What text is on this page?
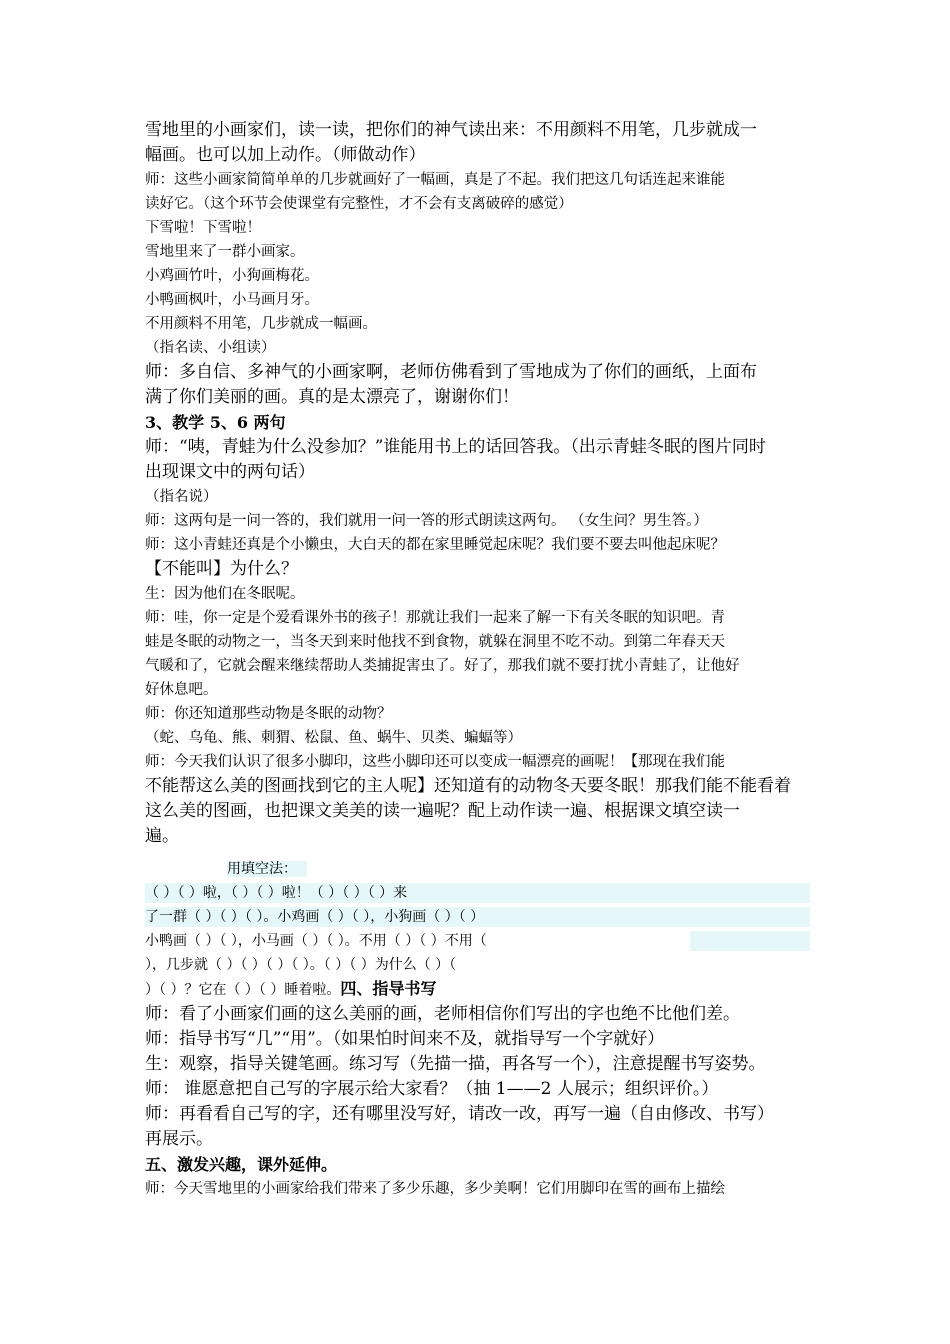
雪地里的小画家们，读一读，把你们的神气读出来：不用颜料不用笔，几步就成一
幅画。也可以加上动作。（师做动作）
师：这些小画家简简单单的几步就画好了一幅画，真是了不起。我们把这几句话连起来谁能
读好它。（这个环节会使课堂有完整性，才不会有支离破碎的感觉）
下雪啦！下雪啦！
雪地里来了一群小画家。
小鸡画竹叶，小狗画梅花。
小鸭画枫叶，小马画月牙。
不用颜料不用笔，几步就成一幅画。
（指名读、小组读）
师：多自信、多神气的小画家啊，老师仿佛看到了雪地成为了你们的画纸，上面布
满了你们美丽的画。真的是太漂亮了，谢谢你们！
3、教学 5、6 两句
师：“咦，青蛙为什么没参加？”谁能用书上的话回答我。（出示青蛙冬眠的图片同时
出现课文中的两句话）
（指名说）
师：这两句是一问一答的，我们就用一问一答的形式朗读这两句。 （女生问？男生答。）
师：这小青蛙还真是个小懒虫，大白天的都在家里睡觉起床呢？我们要不要去叫他起床呢？
【不能叫】为什么？
生：因为他们在冬眠呢。
师：哇，你一定是个爱看课外书的孩子！那就让我们一起来了解一下有关冬眠的知识吧。青
蛙是冬眠的动物之一，当冬天到来时他找不到食物，就躲在洞里不吃不动。到第二年春天天
气暖和了，它就会醒来继续帮助人类捕捉害虫了。好了，那我们就不要打扰小青蛙了，让他好
好休息吧。
师：你还知道那些动物是冬眠的动物？
（蛇、乌龟、熊、刺猬、松鼠、鱼、蜗牛、贝类、蝙蝠等）
师：今天我们认识了很多小脚印，这些小脚印还可以变成一幅漂亮的画呢！【那现在我们能
不能帮这么美的图画找到它的主人呢】还知道有的动物冬天要冬眠！那我们能不能看着
这么美的图画，也把课文美美的读一遍呢？配上动作读一遍、根据课文填空读一
遍。
用填空法：
（ ）（ ）啦，（ ）（ ）啦！（ ）（ ）（ ）来
了一群（ ）（ ）（ ）。小鸡画（ ）（ ），小狗画（ ）（ ）
小鸭画（ ）（ ），小马画（ ）（ ）。不用（ ）（ ）不用（
），几步就（ ）（ ）（ ）（ ）。（ ）（ ）为什么（ ）（
）（ ）？它在（ ）（ ）睡着啦。四、指导书写
师：看了小画家们画的这么美丽的画，老师相信你们写出的字也绝不比他们差。
师：指导书写“几”“用”。（如果怕时间来不及，就指导写一个字就好）
生：观察，指导关键笔画。练习写（先描一描，再各写一个），注意提醒书写姿势。
师： 谁愿意把自己写的字展示给大家看？（抽 1——2 人展示；组织评价。）
师：再看看自己写的字，还有哪里没写好，请改一改，再写一遍（自由修改、书写）
再展示。
五、激发兴趣，课外延伸。
师：今天雪地里的小画家给我们带来了多少乐趣，多少美啊！它们用脚印在雪的画布上描绘
